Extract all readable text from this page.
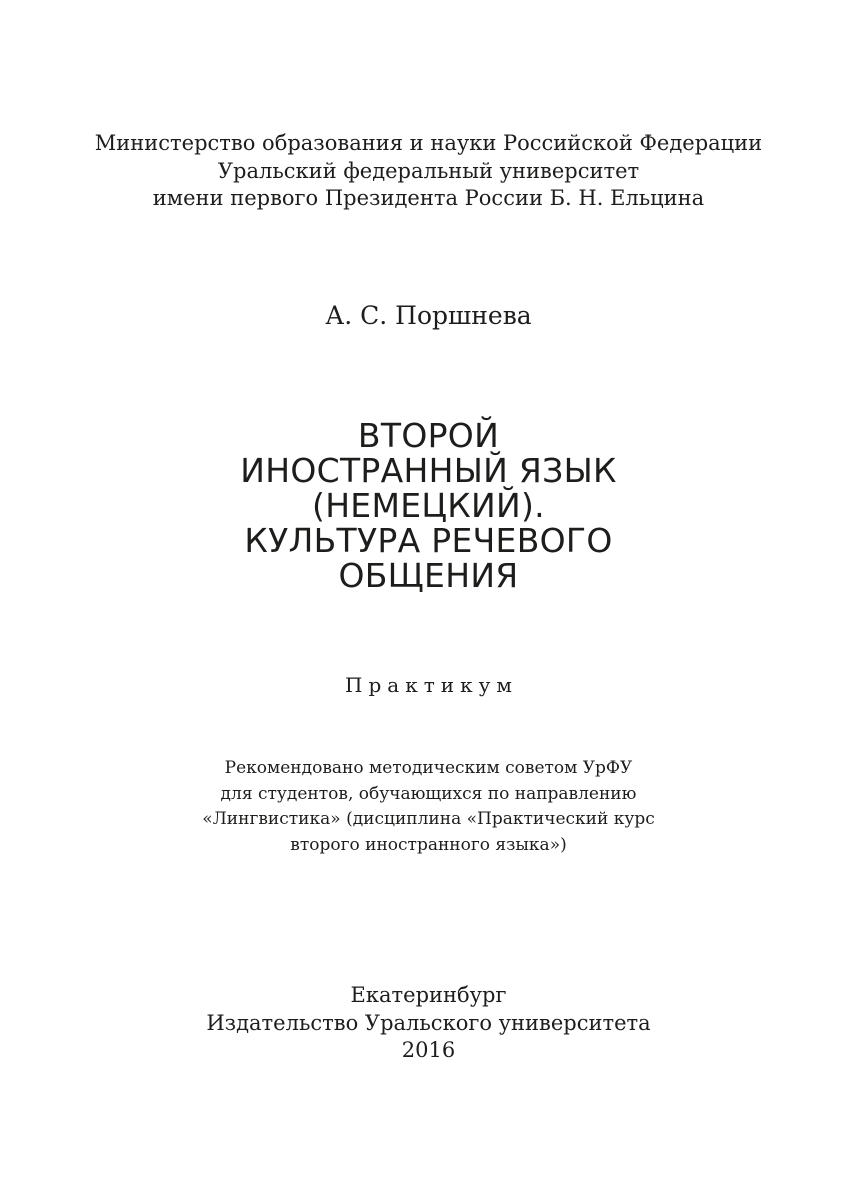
Министерство образования и науки Российской Федерации
Уральский федеральный университет
имени первого Президента России Б. Н. Ельцина
А. С. Поршнева
ВТОРОЙ
ИНОСТРАННЫЙ ЯЗЫК
(НЕМЕЦКИЙ).
КУЛЬТУРА РЕЧЕВОГО
ОБЩЕНИЯ
Практикум
Рекомендовано методическим советом УрФУ
для студентов, обучающихся по направлению
«Лингвистика» (дисциплина «Практический курс
второго иностранного языка»)
Екатеринбург
Издательство Уральского университета
2016
